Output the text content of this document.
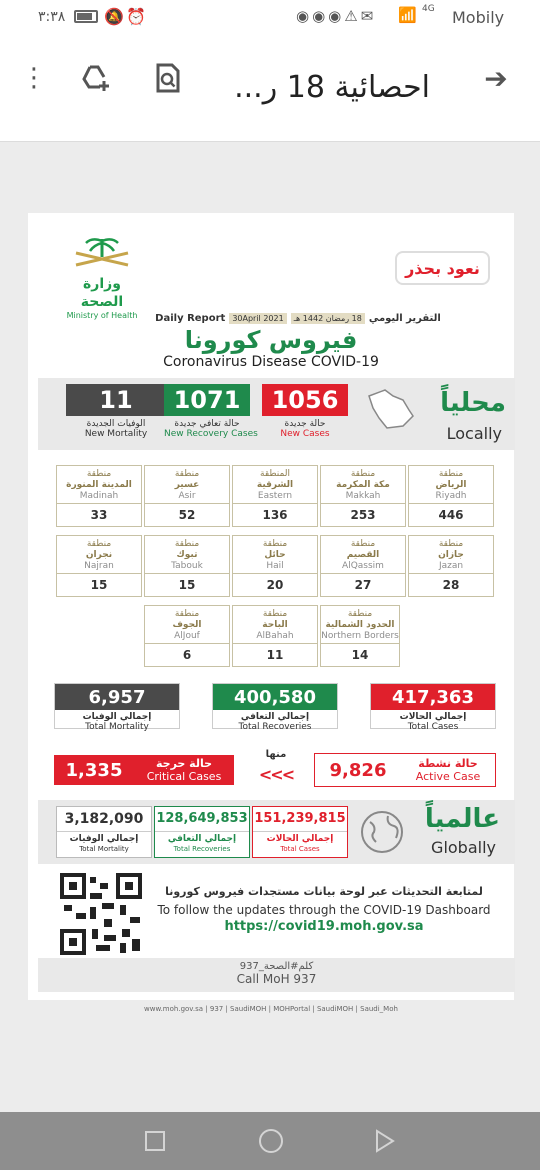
٣:٣٨ 🔕 ⏰	◉◉◉⚠✉ 📶 4G Mobily
⋮	احصائية 18 ر... ➔
وزارة الصحة
Ministry of Health
نعود بحذر
Daily Report 30April 2021	18 رمضان 1442 هـ التقرير اليومي
فيروس كورونا
Coronavirus Disease COVID-19
11
الوفيات الجديدة
New Mortality
1071
حالة تعافي جديدة
New Recovery Cases
1056
حالة جديدة
New Cases
محلياً
Locally
منطقة
الرياض
Riyadh
446
منطقة
مكة المكرمة
Makkah
253
المنطقة
الشرقية
Eastern
136
منطقة
عسير
Asir
52
منطقة
المدينة المنورة
Madinah
33
منطقة
جازان
Jazan
28
منطقة
القصيم
AlQassim
27
منطقة
حائل
Hail
20
منطقة
تبوك
Tabouk
15
منطقة
نجران
Najran
15
منطقة
الحدود الشمالية
Northern Borders
14
منطقة
الباحة
AlBahah
11
منطقة
الجوف
AlJouf
6
6,957
إجمالي الوفيات
Total Mortality
400,580
إجمالي التعافي
Total Recoveries
417,363
إجمالي الحالات
Total Cases
1,335	حالة حرجة
Critical Cases
منها
<<<	9,826	حالة نشطة
Active Case
3,182,090
إجمالي الوفيات
Total Mortality
128,649,853
إجمالي التعافي
Total Recoveries
151,239,815
إجمالي الحالات
Total Cases
عالمياً
Globally
لمتابعة التحديثات عبر لوحة بيانات مستجدات فيروس كورونا
To follow the updates through the COVID-19 Dashboard
https://covid19.moh.gov.sa
كلم#الصحة_937
Call MoH 937
www.moh.gov.sa | 937 | SaudiMOH | MOHPortal | SaudiMOH | Saudi_Moh
